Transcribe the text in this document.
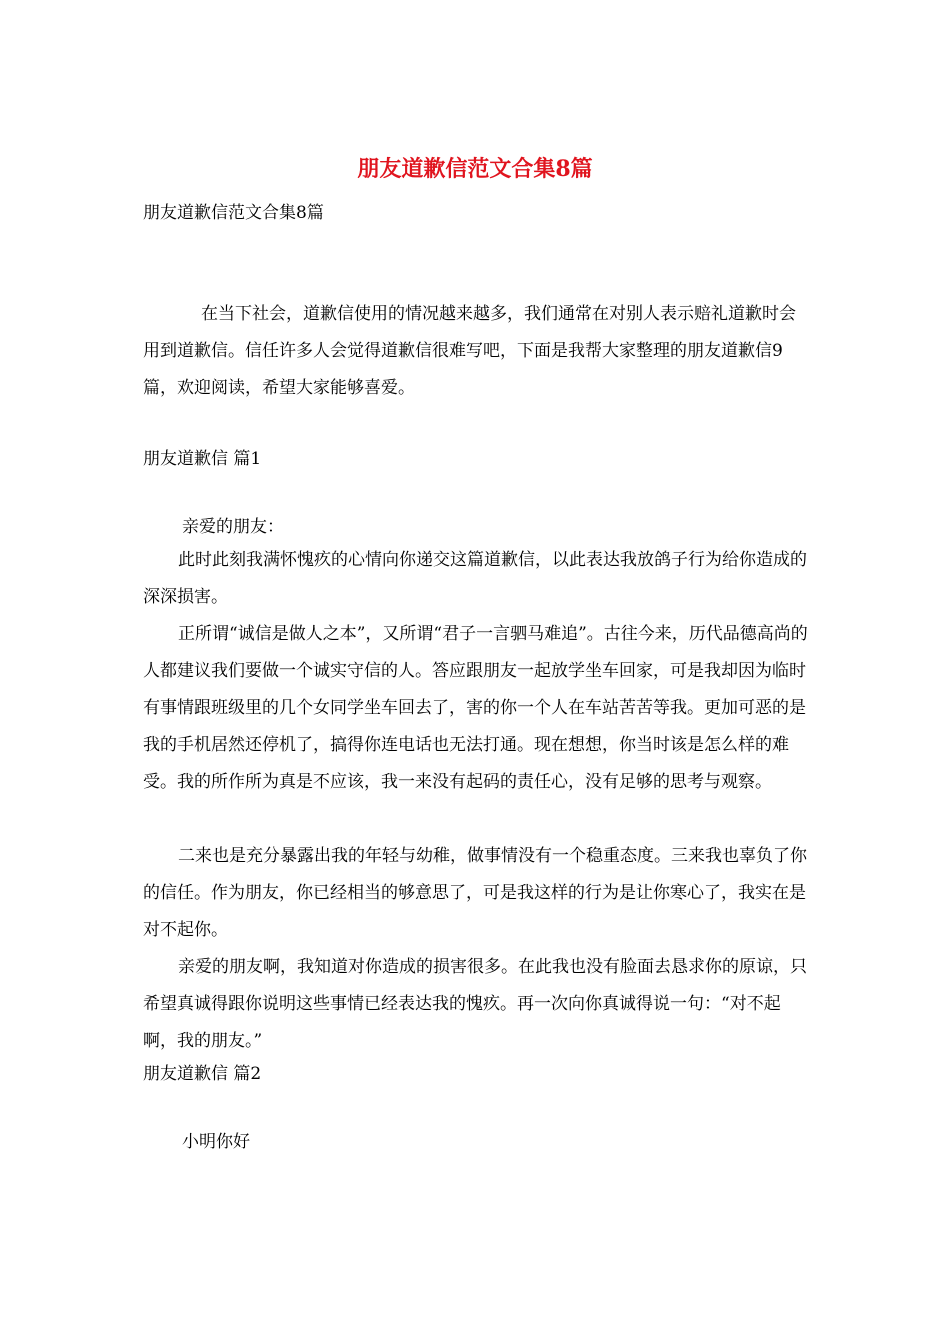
朋友道歉信范文合集8篇
朋友道歉信范文合集8篇

在当下社会，道歉信使用的情况越来越多，我们通常在对别人表示赔礼道歉时会用到道歉信。信任许多人会觉得道歉信很难写吧，下面是我帮大家整理的朋友道歉信9篇，欢迎阅读，希望大家能够喜爱。

朋友道歉信 篇1
亲爱的朋友：

此时此刻我满怀愧疚的心情向你递交这篇道歉信，以此表达我放鸽子行为给你造成的深深损害。

正所谓“诚信是做人之本”，又所谓“君子一言驷马难追”。古往今来，历代品德高尚的人都建议我们要做一个诚实守信的人。答应跟朋友一起放学坐车回家，可是我却因为临时有事情跟班级里的几个女同学坐车回去了，害的你一个人在车站苦苦等我。更加可恶的是我的手机居然还停机了，搞得你连电话也无法打通。现在想想，你当时该是怎么样的难受。我的所作所为真是不应该，我一来没有起码的责任心，没有足够的思考与观察。

二来也是充分暴露出我的年轻与幼稚，做事情没有一个稳重态度。三来我也辜负了你的信任。作为朋友，你已经相当的够意思了，可是我这样的行为是让你寒心了，我实在是对不起你。

亲爱的朋友啊，我知道对你造成的损害很多。在此我也没有脸面去恳求你的原谅，只希望真诚得跟你说明这些事情已经表达我的愧疚。再一次向你真诚得说一句：“对不起啊，我的朋友。”

朋友道歉信 篇2
小明你好
